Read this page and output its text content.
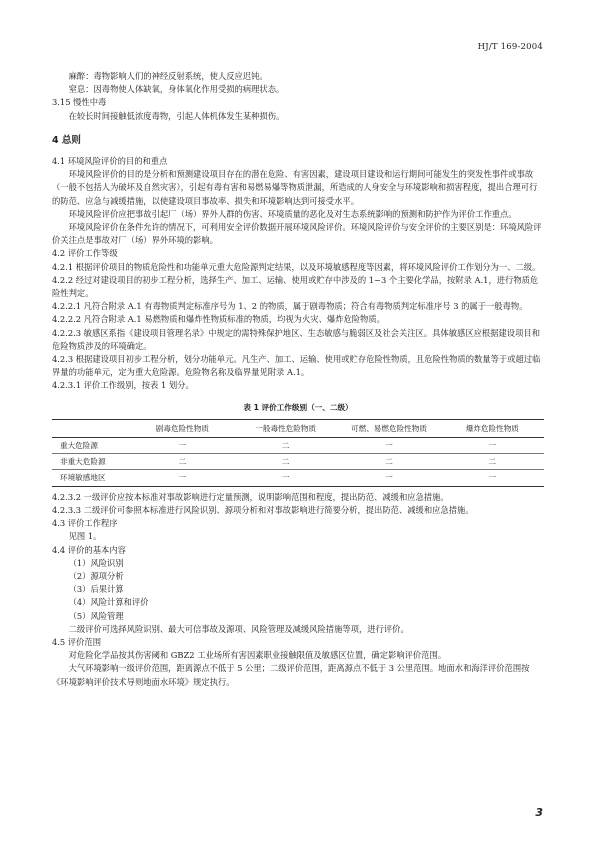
HJ/T 169-2004

麻醉：毒物影响人们的神经反射系统，使人反应迟钝。

窒息：因毒物使人体缺氧，身体氧化作用受损的病理状态。

3.15 慢性中毒

在较长时间接触低浓度毒物，引起人体机体发生某种损伤。

4 总则

4.1 环境风险评价的目的和重点

环境风险评价的目的是分析和预测建设项目存在的潜在危险、有害因素，建设项目建设和运行期间可能发生的突发性事件或事故（一般不包括人为破坏及自然灾害），引起有毒有害和易燃易爆等物质泄漏，所造成的人身安全与环境影响和损害程度，提出合理可行的防范、应急与减缓措施，以使建设项目事故率、损失和环境影响达到可接受水平。

环境风险评价应把事故引起厂（场）界外人群的伤害、环境质量的恶化及对生态系统影响的预测和防护作为评价工作重点。

环境风险评价在条件允许的情况下，可利用安全评价数据开展环境风险评价。环境风险评价与安全评价的主要区别是：环境风险评价关注点是事故对厂（场）界外环境的影响。

4.2 评价工作等级

4.2.1 根据评价项目的物质危险性和功能单元重大危险源判定结果，以及环境敏感程度等因素，将环境风险评价工作划分为一、二级。

4.2.2 经过对建设项目的初步工程分析，选择生产、加工、运输、使用或贮存中涉及的 1~3 个主要化学品，按附录 A.1，进行物质危险性判定。

4.2.2.1 凡符合附录 A.1 有毒物质判定标准序号为 1、2 的物质，属于剧毒物质；符合有毒物质判定标准序号 3 的属于一般毒物。

4.2.2.2 凡符合附录 A.1 易燃物质和爆炸性物质标准的物质，均视为火灾、爆炸危险物质。

4.2.2.3 敏感区系指《建设项目管理名录》中规定的需特殊保护地区、生态敏感与脆弱区及社会关注区。具体敏感区应根据建设项目和危险物质涉及的环境确定。

4.2.3 根据建设项目初步工程分析，划分功能单元。凡生产、加工、运输、使用或贮存危险性物质，且危险性物质的数量等于或超过临界量的功能单元，定为重大危险源。危险物名称及临界量见附录 A.1。

4.2.3.1 评价工作级别，按表 1 划分。

表 1 评价工作级别（一、二级）
	剧毒危险性物质	一般毒性危险物质	可燃、易燃危险性物质	爆炸危险性物质
重大危险源	一	二	一	一
非重大危险源	二	二	二	二
环境敏感地区	一	一	一	一

4.2.3.2 一级评价应按本标准对事故影响进行定量预测，说明影响范围和程度，提出防范、减缓和应急措施。

4.2.3.3 二级评价可参照本标准进行风险识别、源项分析和对事故影响进行简要分析，提出防范、减缓和应急措施。

4.3 评价工作程序

见图 1。

4.4 评价的基本内容

（1）风险识别

（2）源项分析

（3）后果计算

（4）风险计算和评价

（5）风险管理

二级评价可选择风险识别、最大可信事故及源项、风险管理及减缓风险措施等项，进行评价。

4.5 评价范围

对危险化学品按其伤害阈和 GBZ2 工业场所有害因素职业接触限值及敏感区位置，确定影响评价范围。

大气环境影响一级评价范围，距离源点不低于 5 公里；二级评价范围，距离源点不低于 3 公里范围。地面水和海洋评价范围按《环境影响评价技术导则地面水环境》规定执行。

3
